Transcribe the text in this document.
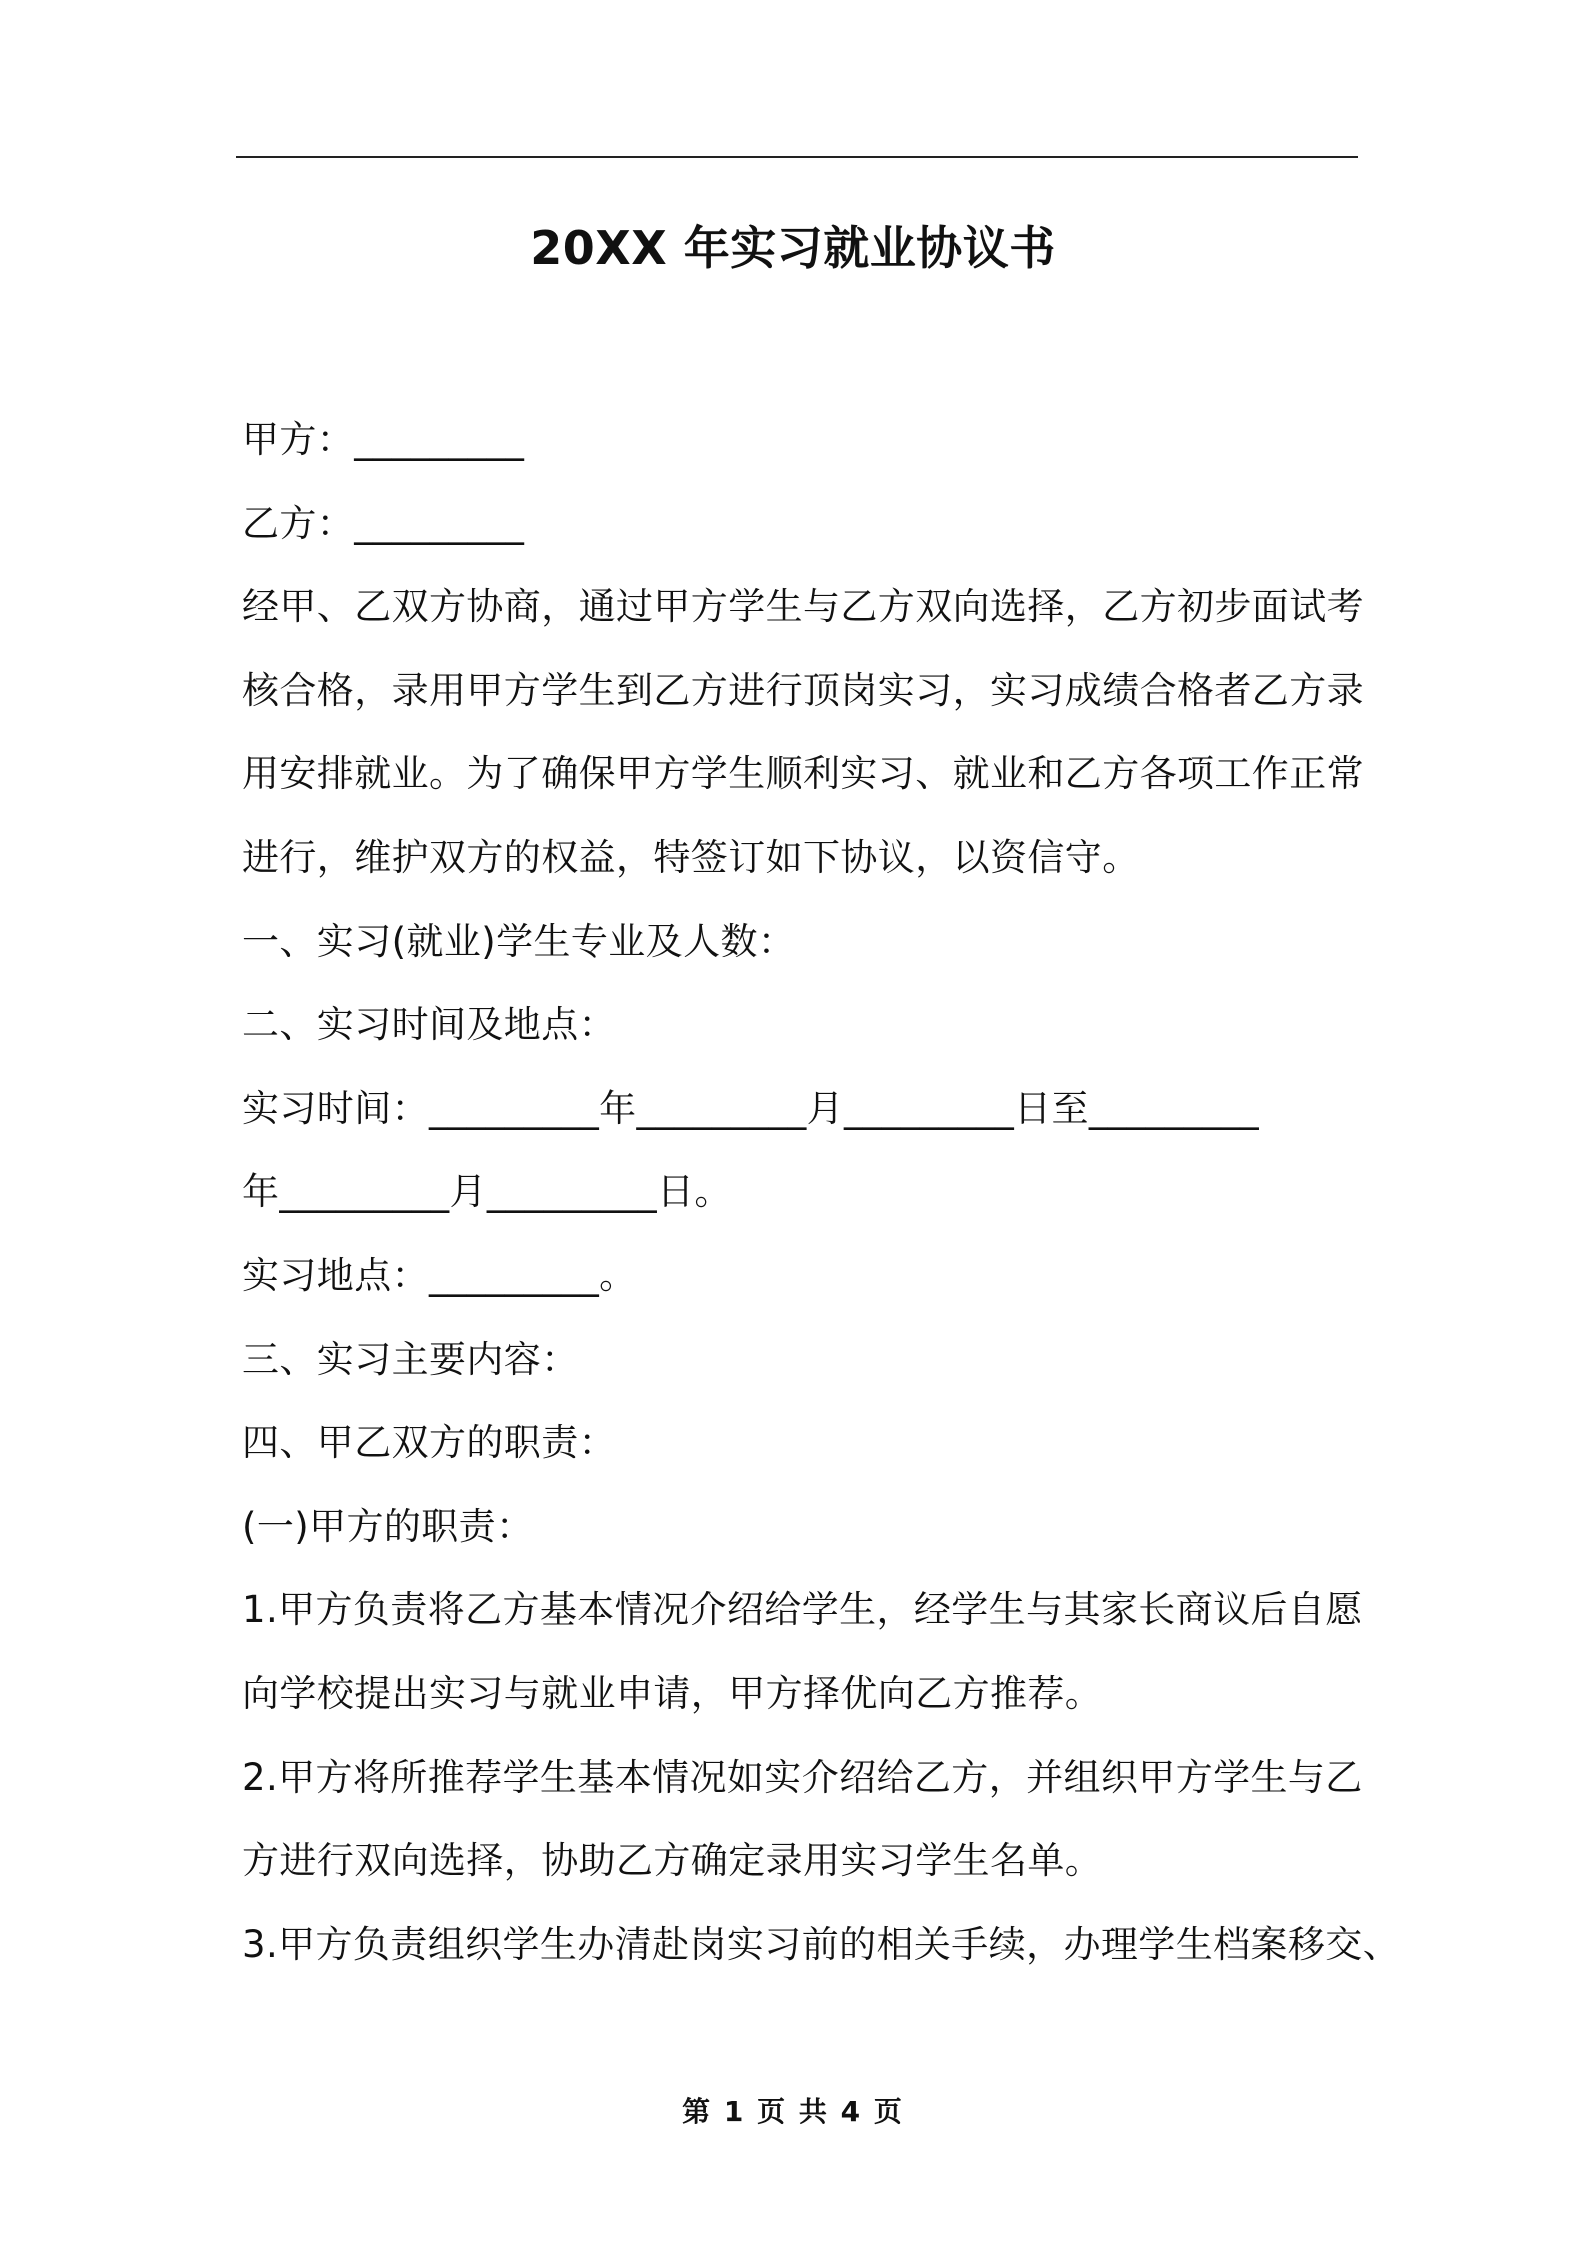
20XX 年实习就业协议书
甲方：_________
乙方：_________
经甲、乙双方协商，通过甲方学生与乙方双向选择，乙方初步面试考
核合格，录用甲方学生到乙方进行顶岗实习，实习成绩合格者乙方录
用安排就业。为了确保甲方学生顺利实习、就业和乙方各项工作正常
进行，维护双方的权益，特签订如下协议，以资信守。
一、实习(就业)学生专业及人数：
二、实习时间及地点：
实习时间：_________年_________月_________日至_________
年_________月_________日。
实习地点：_________。
三、实习主要内容：
四、甲乙双方的职责：
(一)甲方的职责：
1.甲方负责将乙方基本情况介绍给学生，经学生与其家长商议后自愿
向学校提出实习与就业申请，甲方择优向乙方推荐。
2.甲方将所推荐学生基本情况如实介绍给乙方，并组织甲方学生与乙
方进行双向选择，协助乙方确定录用实习学生名单。
3.甲方负责组织学生办清赴岗实习前的相关手续，办理学生档案移交、
第 1 页 共 4 页
